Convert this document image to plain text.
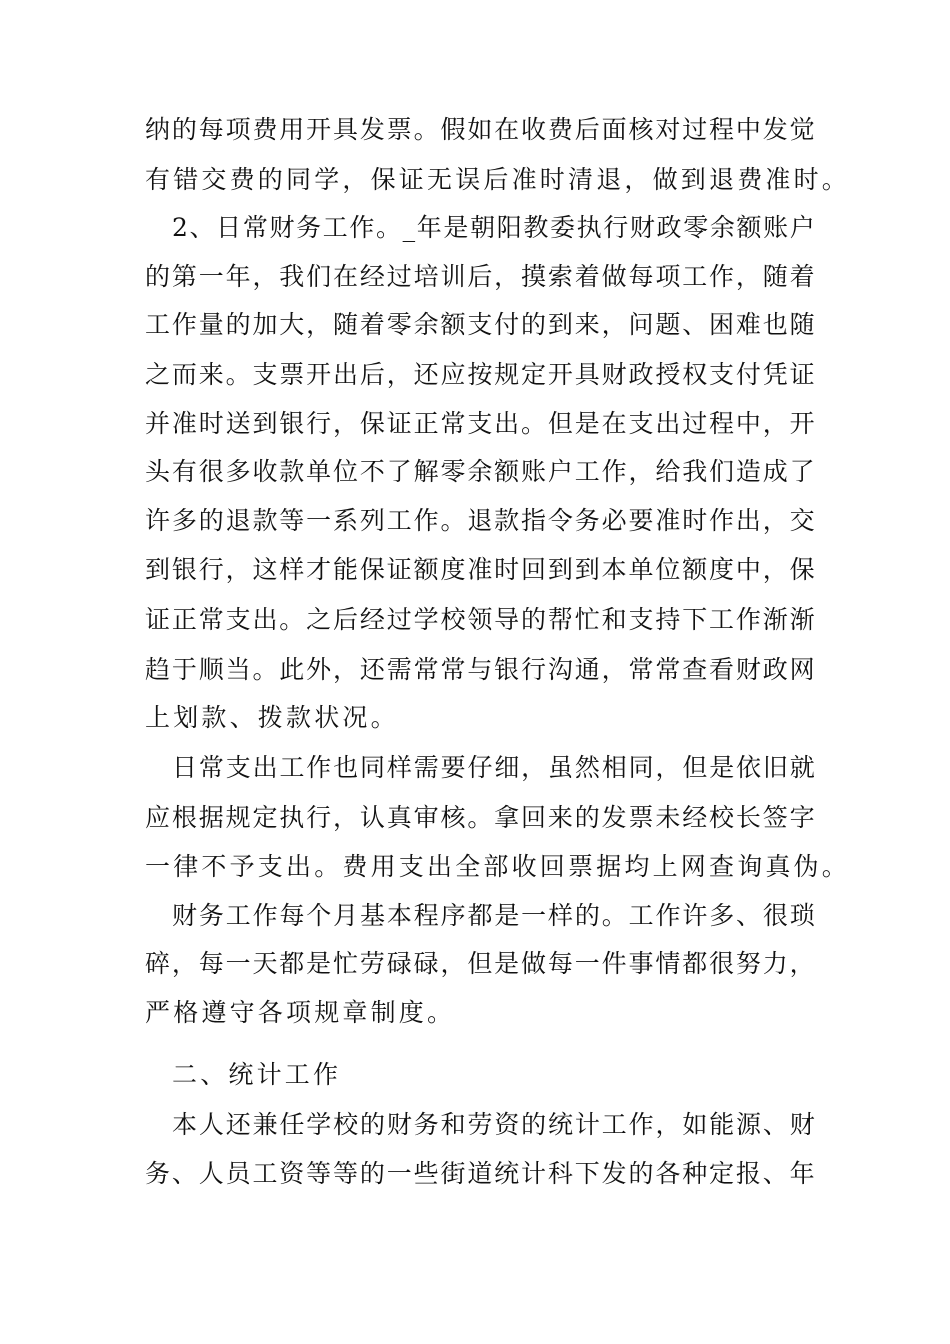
纳 的 每 项 费 用 开 具 发 票 。 假 如 在 收 费 后 面 核 对 过 程 中 发 觉
有错交费的同学，保证无误后准时清退，做到退费准时。
2 、 日 常 财 务 工 作 。 _ 年 是 朝 阳 教 委 执 行 财 政 零 余 额 账 户
的 第 一 年 ， 我 们 在 经 过 培 训 后 ， 摸 索 着 做 每 项 工 作 ， 随 着
工 作 量 的 加 大 ， 随 着 零 余 额 支 付 的 到 来 ， 问 题 、 困 难 也 随
之 而 来 。 支 票 开 出 后 ， 还 应 按 规 定 开 具 财 政 授 权 支 付 凭 证
并 准 时 送 到 银 行 ， 保 证 正 常 支 出 。 但 是 在 支 出 过 程 中 ， 开
头 有 很 多 收 款 单 位 不 了 解 零 余 额 账 户 工 作 ， 给 我 们 造 成 了
许 多 的 退 款 等 一 系 列 工 作 。 退 款 指 令 务 必 要 准 时 作 出 ， 交
到 银 行 ， 这 样 才 能 保 证 额 度 准 时 回 到 到 本 单 位 额 度 中 ， 保
证 正 常 支 出 。 之 后 经 过 学 校 领 导 的 帮 忙 和 支 持 下 工 作 渐 渐
趋 于 顺 当 。 此 外 ， 还 需 常 常 与 银 行 沟 通 ， 常 常 查 看 财 政 网
上划款、拨款状况。
日 常 支 出 工 作 也 同 样 需 要 仔 细 ， 虽 然 相 同 ， 但 是 依 旧 就
应 根 据 规 定 执 行 ， 认 真 审 核 。 拿 回 来 的 发 票 未 经 校 长 签 字
一律不予支出。费用支出全部收回票据均上网查询真伪。
财 务 工 作 每 个 月 基 本 程 序 都 是 一 样 的 。 工 作 许 多 、 很 琐
碎 ， 每 一 天 都 是 忙 劳 碌 碌 ， 但 是 做 每 一 件 事 情 都 很 努 力 ，
严格遵守各项规章制度。
二、统计工作
本 人 还 兼 任 学 校 的 财 务 和 劳 资 的 统 计 工 作 ， 如 能 源 、 财
务 、 人 员 工 资 等 等 的 一 些 街 道 统 计 科 下 发 的 各 种 定 报 、 年
